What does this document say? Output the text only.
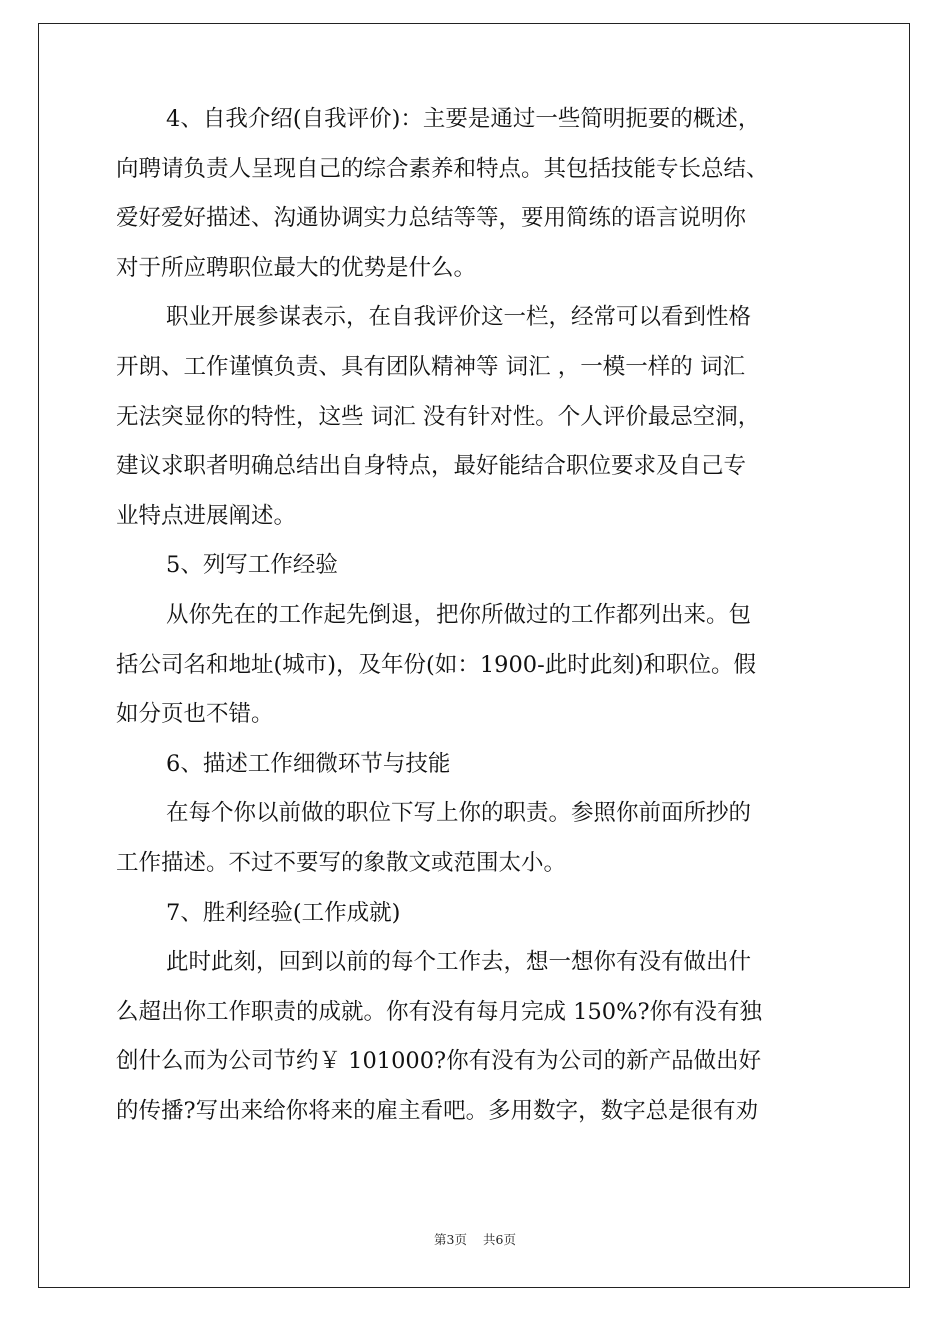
4、自我介绍(自我评价)：主要是通过一些简明扼要的概述，
向聘请负责人呈现自己的综合素养和特点。其包括技能专长总结、
爱好爱好描述、沟通协调实力总结等等，要用简练的语言说明你
对于所应聘职位最大的优势是什么。
职业开展参谋表示，在自我评价这一栏，经常可以看到性格
开朗、工作谨慎负责、具有团队精神等 词汇 ，一模一样的 词汇
无法突显你的特性，这些 词汇 没有针对性。个人评价最忌空洞，
建议求职者明确总结出自身特点，最好能结合职位要求及自己专
业特点进展阐述。
5、列写工作经验
从你先在的工作起先倒退，把你所做过的工作都列出来。包
括公司名和地址(城市)，及年份(如：1900-此时此刻)和职位。假
如分页也不错。
6、描述工作细微环节与技能
在每个你以前做的职位下写上你的职责。参照你前面所抄的
工作描述。不过不要写的象散文或范围太小。
7、胜利经验(工作成就)
此时此刻，回到以前的每个工作去，想一想你有没有做出什
么超出你工作职责的成就。你有没有每月完成 150%?你有没有独
创什么而为公司节约￥ 101000?你有没有为公司的新产品做出好
的传播?写出来给你将来的雇主看吧。多用数字，数字总是很有劝
第3页 共6页
